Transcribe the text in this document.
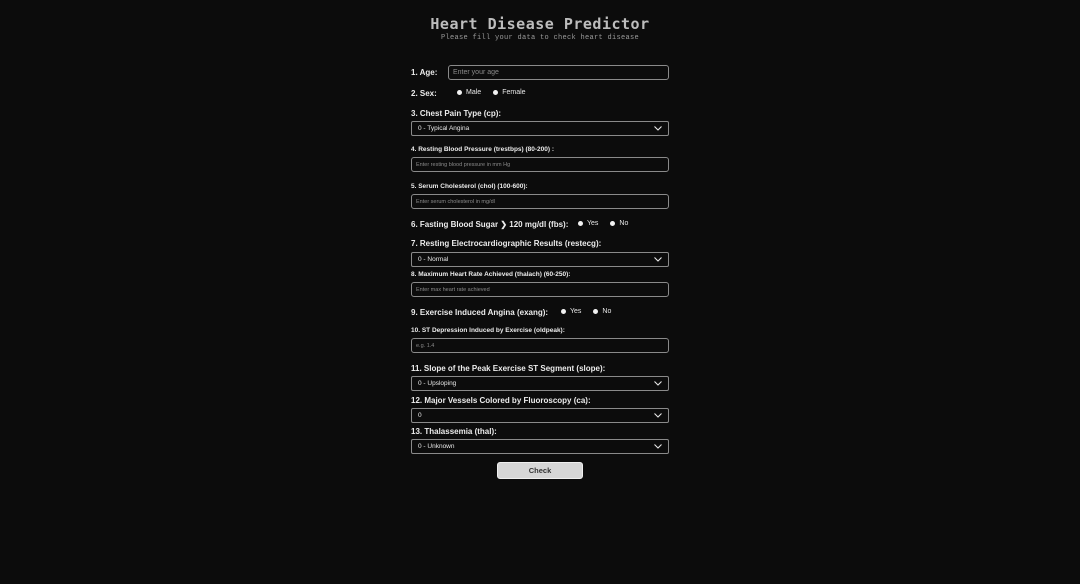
Heart Disease Predictor
Please fill your data to check heart disease
1. Age:
Enter your age
2. Sex:	Male	Female
3. Chest Pain Type (cp):
0 - Typical Angina
4. Resting Blood Pressure (trestbps) (80-200) :
Enter resting blood pressure in mm Hg
5. Serum Cholesterol (chol) (100-600):
Enter serum cholesterol in mg/dl
6. Fasting Blood Sugar ❯ 120 mg/dl (fbs):	Yes	No
7. Resting Electrocardiographic Results (restecg):
0 - Normal
8. Maximum Heart Rate Achieved (thalach) (60-250):
Enter max heart rate achieved
9. Exercise Induced Angina (exang):	Yes	No
10. ST Depression Induced by Exercise (oldpeak):
e.g. 1.4
11. Slope of the Peak Exercise ST Segment (slope):
0 - Upsloping
12. Major Vessels Colored by Fluoroscopy (ca):
0
13. Thalassemia (thal):
0 - Unknown
Check
